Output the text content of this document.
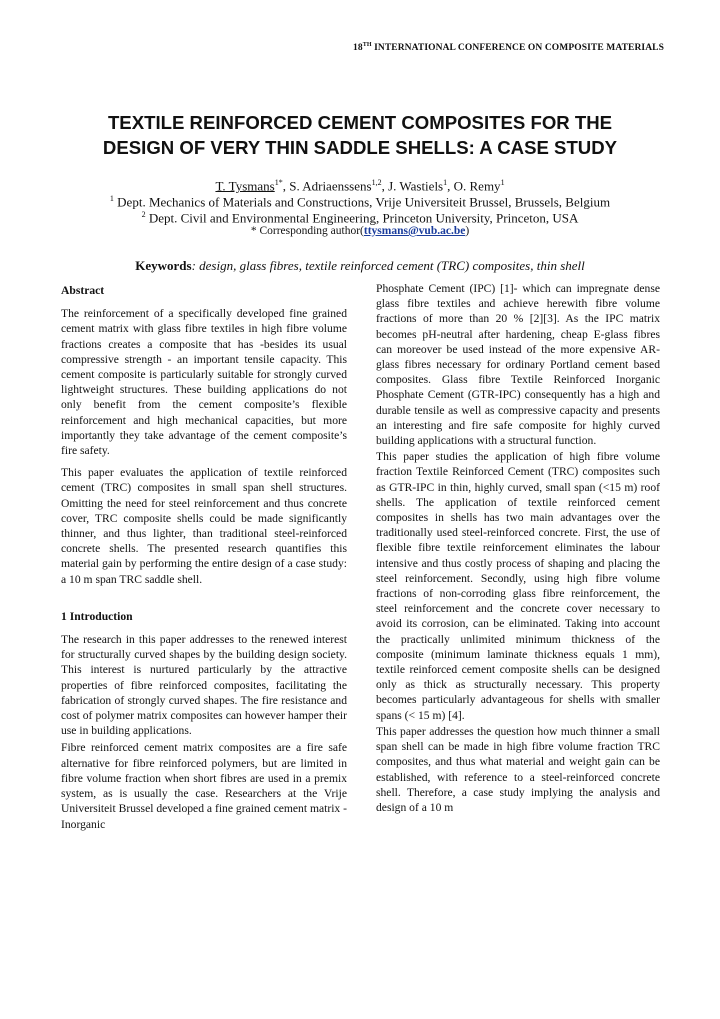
18TH INTERNATIONAL CONFERENCE ON COMPOSITE MATERIALS
TEXTILE REINFORCED CEMENT COMPOSITES FOR THE
DESIGN OF VERY THIN SADDLE SHELLS: A CASE STUDY
T. Tysmans$^{1*}$, S. Adriaenssens$^{1,2}$, J. Wastiels$^1$, O. Remy$^1$
$^1$ Dept. Mechanics of Materials and Constructions, Vrije Universiteit Brussel, Brussels, Belgium
$^2$ Dept. Civil and Environmental Engineering, Princeton University, Princeton, USA
* Corresponding author(ttysmans@vub.ac.be)
Keywords: design, glass fibres, textile reinforced cement (TRC) composites, thin shell
Abstract

The reinforcement of a specifically developed fine grained cement matrix with glass fibre textiles in high fibre volume fractions creates a composite that has -besides its usual compressive strength - an important tensile capacity. This cement composite is particularly suitable for strongly curved lightweight structures. These building applications do not only benefit from the cement composite’s flexible reinforcement and high mechanical capacities, but more importantly they take advantage of the cement composite’s fire safety.

This paper evaluates the application of textile reinforced cement (TRC) composites in small span shell structures. Omitting the need for steel reinforcement and thus concrete cover, TRC composite shells could be made significantly thinner, and thus lighter, than traditional steel-reinforced concrete shells. The presented research quantifies this material gain by performing the entire design of a case study: a 10 m span TRC saddle shell.

1 Introduction

The research in this paper addresses to the renewed interest for structurally curved shapes by the building design society. This interest is nurtured particularly by the attractive properties of fibre reinforced composites, facilitating the fabrication of strongly curved shapes. The fire resistance and cost of polymer matrix composites can however hamper their use in building applications.

Fibre reinforced cement matrix composites are a fire safe alternative for fibre reinforced polymers, but are limited in fibre volume fraction when short fibres are used in a premix system, as is usually the case. Researchers at the Vrije Universiteit Brussel developed a fine grained cement matrix - Inorganic

Phosphate Cement (IPC) [1]- which can impregnate dense glass fibre textiles and achieve herewith fibre volume fractions of more than 20 % [2][3]. As the IPC matrix becomes pH-neutral after hardening, cheap E-glass fibres can moreover be used instead of the more expensive AR-glass fibres necessary for ordinary Portland cement based composites. Glass fibre Textile Reinforced Inorganic Phosphate Cement (GTR-IPC) consequently has a high and durable tensile as well as compressive capacity and presents an interesting and fire safe composite for highly curved building applications with a structural function.

This paper studies the application of high fibre volume fraction Textile Reinforced Cement (TRC) composites such as GTR-IPC in thin, highly curved, small span (<15 m) roof shells. The application of textile reinforced cement composites in shells has two main advantages over the traditionally used steel-reinforced concrete. First, the use of flexible fibre textile reinforcement eliminates the labour intensive and thus costly process of shaping and placing the steel reinforcement. Secondly, using high fibre volume fractions of non-corroding glass fibre reinforcement, the steel reinforcement and the concrete cover necessary to avoid its corrosion, can be eliminated. Taking into account the practically unlimited minimum thickness of the composite (minimum laminate thickness equals 1 mm), textile reinforced cement composite shells can be designed only as thick as structurally necessary. This property becomes particularly advantageous for shells with smaller spans (< 15 m) [4].

This paper addresses the question how much thinner a small span shell can be made in high fibre volume fraction TRC composites, and thus what material and weight gain can be established, with reference to a steel-reinforced concrete shell. Therefore, a case study implying the analysis and design of a 10 m
